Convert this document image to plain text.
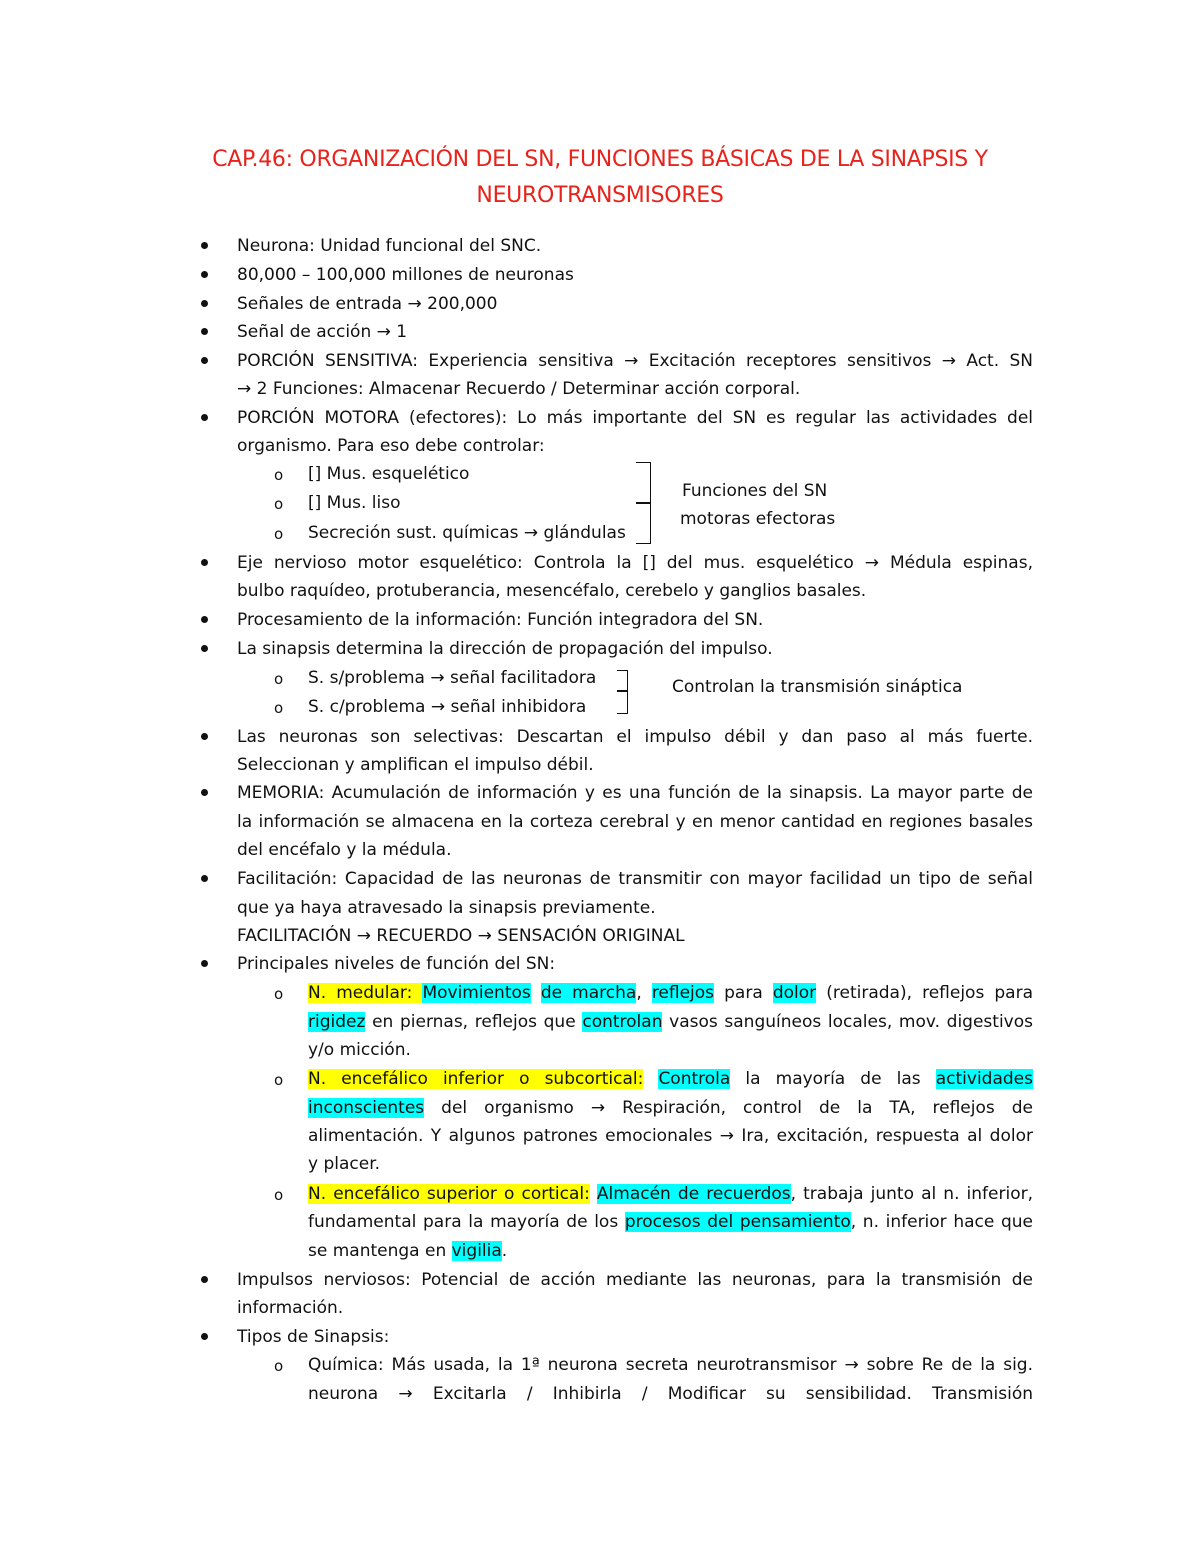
CAP.46: ORGANIZACIÓN DEL SN, FUNCIONES BÁSICAS DE LA SINAPSIS Y
NEUROTRANSMISORES
Neurona: Unidad funcional del SNC.
80,000 – 100,000 millones de neuronas
Señales de entrada → 200,000
Señal de acción → 1
PORCIÓN SENSITIVA: Experiencia sensitiva → Excitación receptores sensitivos → Act. SN
→ 2 Funciones: Almacenar Recuerdo / Determinar acción corporal.
PORCIÓN MOTORA (efectores): Lo más importante del SN es regular las actividades del
organismo. Para eso debe controlar:
o [] Mus. esquelético
o [] Mus. liso
o Secreción sust. químicas → glándulas
Funciones del SN
motoras efectoras
Eje nervioso motor esquelético: Controla la [] del mus. esquelético → Médula espinas,
bulbo raquídeo, protuberancia, mesencéfalo, cerebelo y ganglios basales.
Procesamiento de la información: Función integradora del SN.
La sinapsis determina la dirección de propagación del impulso.
o S. s/problema → señal facilitadora
o S. c/problema → señal inhibidora
Controlan la transmisión sináptica
Las neuronas son selectivas: Descartan el impulso débil y dan paso al más fuerte.
Seleccionan y amplifican el impulso débil.
MEMORIA: Acumulación de información y es una función de la sinapsis. La mayor parte de
la información se almacena en la corteza cerebral y en menor cantidad en regiones basales
del encéfalo y la médula.
Facilitación: Capacidad de las neuronas de transmitir con mayor facilidad un tipo de señal
que ya haya atravesado la sinapsis previamente.
FACILITACIÓN → RECUERDO → SENSACIÓN ORIGINAL
Principales niveles de función del SN:
o N. medular: Movimientos de marcha, reflejos para dolor (retirada), reflejos para
rigidez en piernas, reflejos que controlan vasos sanguíneos locales, mov. digestivos
y/o micción.
o N. encefálico inferior o subcortical: Controla la mayoría de las actividades
inconscientes del organismo → Respiración, control de la TA, reflejos de
alimentación. Y algunos patrones emocionales → Ira, excitación, respuesta al dolor
y placer.
o N. encefálico superior o cortical: Almacén de recuerdos, trabaja junto al n. inferior,
fundamental para la mayoría de los procesos del pensamiento, n. inferior hace que
se mantenga en vigilia.
Impulsos nerviosos: Potencial de acción mediante las neuronas, para la transmisión de
información.
Tipos de Sinapsis:
o Química: Más usada, la 1ª neurona secreta neurotransmisor → sobre Re de la sig.
neurona → Excitarla / Inhibirla / Modificar su sensibilidad. Transmisión
